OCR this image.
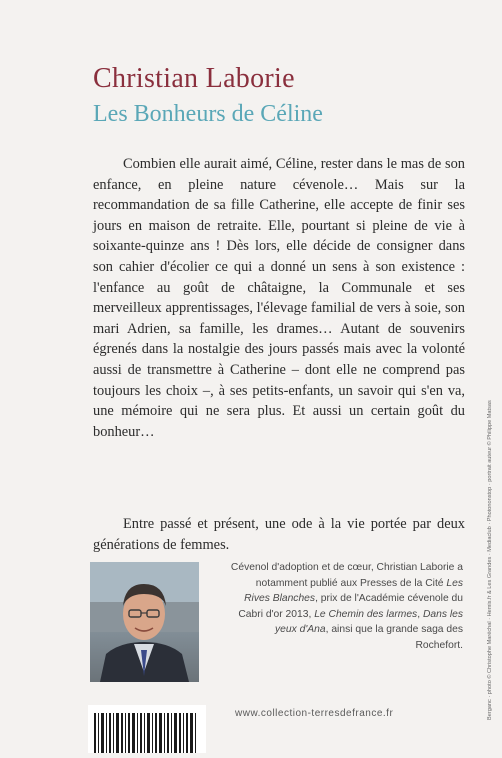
Christian Laborie
Les Bonheurs de Céline

Combien elle aurait aimé, Céline, rester dans le mas de son enfance, en pleine nature cévenole… Mais sur la recommandation de sa fille Catherine, elle accepte de finir ses jours en maison de retraite. Elle, pourtant si pleine de vie à soixante-quinze ans ! Dès lors, elle décide de consigner dans son cahier d'écolier ce qui a donné un sens à son existence : l'enfance au goût de châtaigne, la Communale et ses merveilleux apprentissages, l'élevage familial de vers à soie, son mari Adrien, sa famille, les drames… Autant de souvenirs égrenés dans la nostalgie des jours passés mais avec la volonté aussi de transmettre à Catherine – dont elle ne comprend pas toujours les choix –, à ses petits-enfants, un savoir qui s'en va, une mémoire qui ne sera plus. Et aussi un certain goût du bonheur…

Entre passé et présent, une ode à la vie portée par deux générations de femmes.

Cévenol d'adoption et de cœur, Christian Laborie a notamment publié aux Presses de la Cité Les Rives Blanches, prix de l'Académie cévenole du Cabri d'or 2013, Le Chemin des larmes, Dans les yeux d'Ana, ainsi que la grande saga des Rochefort.	Berganc · photo © Christophe Maréchal · Hemis.fr & Les Grandes · Mediaclub · Photononstop · portrait auteur © Philippe Matsas
www.collection-terresdefrance.fr
